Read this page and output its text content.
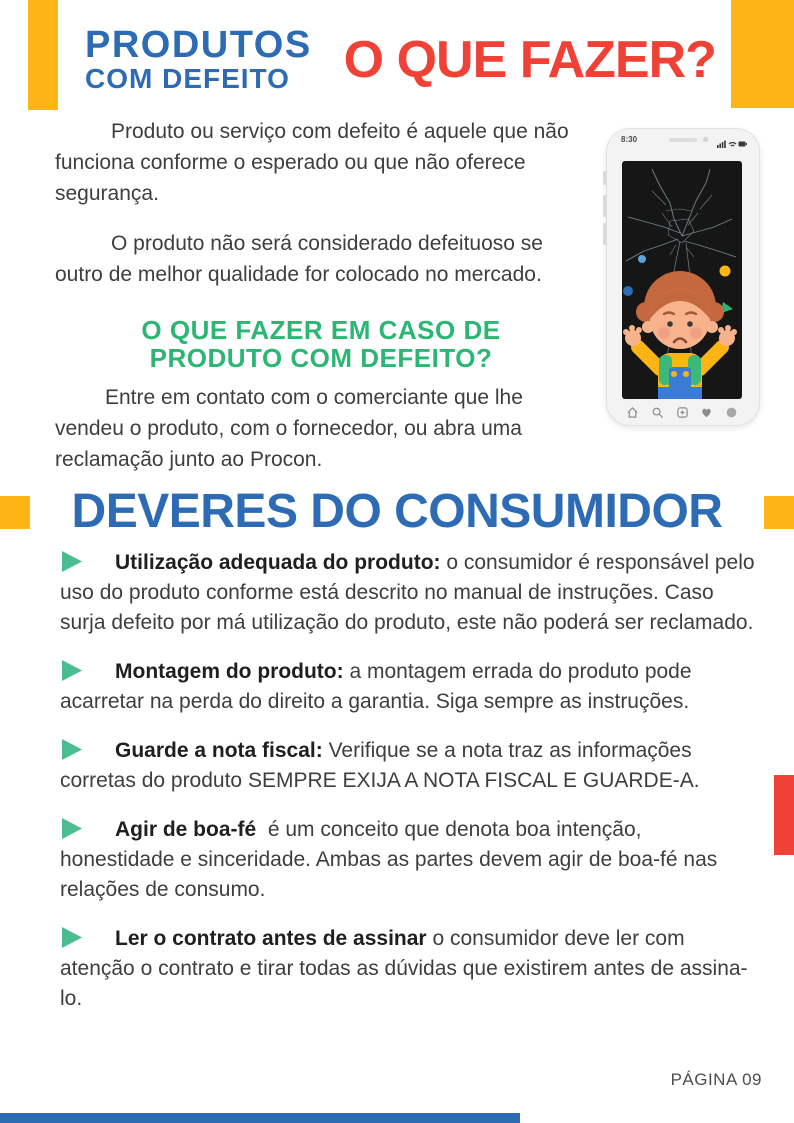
PRODUTOS
COM DEFEITO	O QUE FAZER?

Produto ou serviço com defeito é aquele que não funciona conforme o esperado ou que não oferece segurança.

O produto não será considerado defeituoso se outro de melhor qualidade for colocado no mercado.

O QUE FAZER EM CASO DE
PRODUTO COM DEFEITO?

Entre em contato com o comerciante que lhe vendeu o produto, com o fornecedor, ou abra uma reclamação junto ao Procon.

8:30
DEVERES DO CONSUMIDOR

Utilização adequada do produto: o consumidor é responsável pelo uso do produto conforme está descrito no manual de instruções. Caso surja defeito por má utilização do produto, este não poderá ser reclamado.

Montagem do produto: a montagem errada do produto pode acarretar na perda do direito a garantia. Siga sempre as instruções.

Guarde a nota fiscal: Verifique se a nota traz as informações corretas do produto SEMPRE EXIJA A NOTA FISCAL E GUARDE-A.

Agir de boa-fé é um conceito que denota boa intenção, honestidade e sinceridade. Ambas as partes devem agir de boa-fé nas relações de consumo.

Ler o contrato antes de assinar o consumidor deve ler com atenção o contrato e tirar todas as dúvidas que existirem antes de assina-lo.

PÁGINA 09
